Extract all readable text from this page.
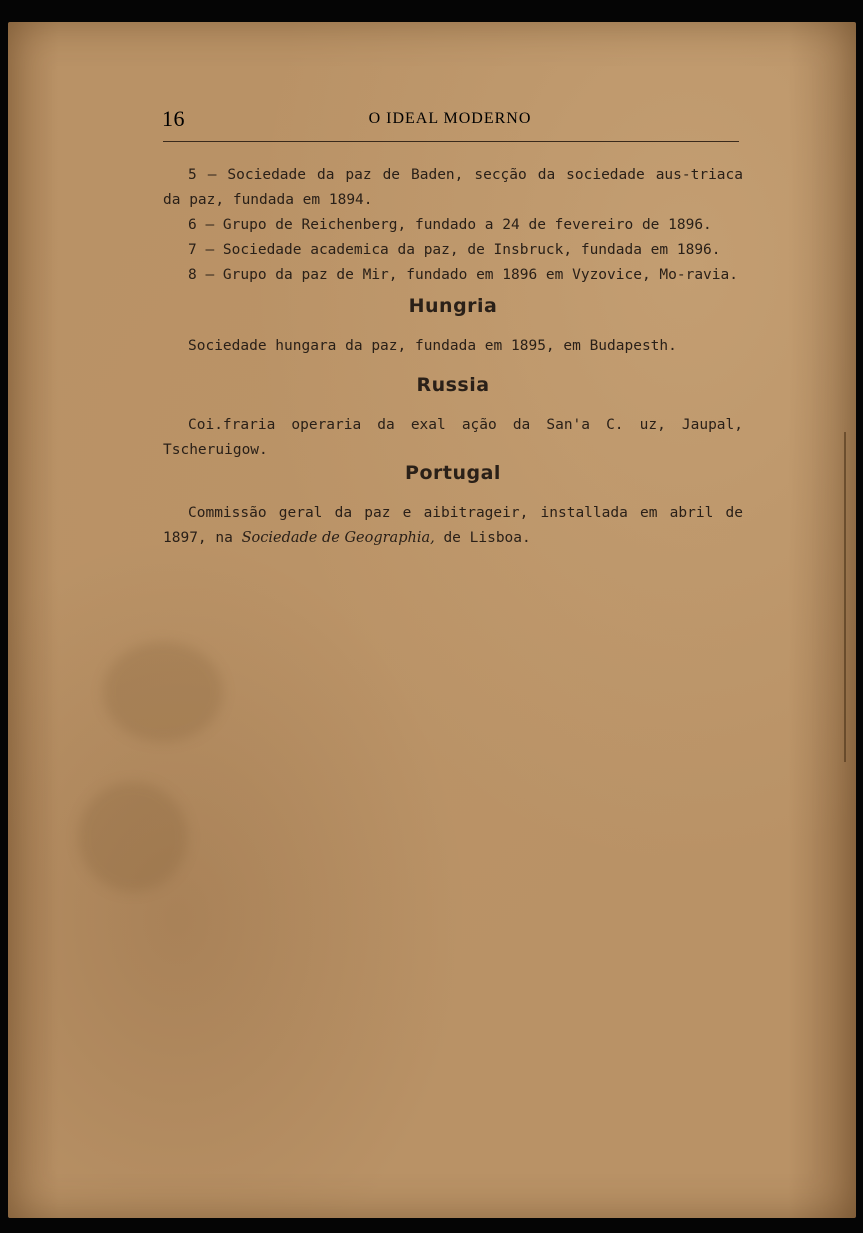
16	O IDEAL MODERNO

5 — Sociedade da paz de Baden, secção da sociedade aus-triaca da paz, fundada em 1894.

6 — Grupo de Reichenberg, fundado a 24 de fevereiro de 1896.

7 — Sociedade academica da paz, de Insbruck, fundada em 1896.

8 — Grupo da paz de Mir, fundado em 1896 em Vyzovice, Mo-ravia.

Hungria

Sociedade hungara da paz, fundada em 1895, em Budapesth.

Russia

Coi.fraria operaria da exal ação da San'a C. uz, Jaupal, Tscheruigow.

Portugal

Commissão geral da paz e aibitrageir, installada em abril de 1897, na Sociedade de Geographia, de Lisboa.
